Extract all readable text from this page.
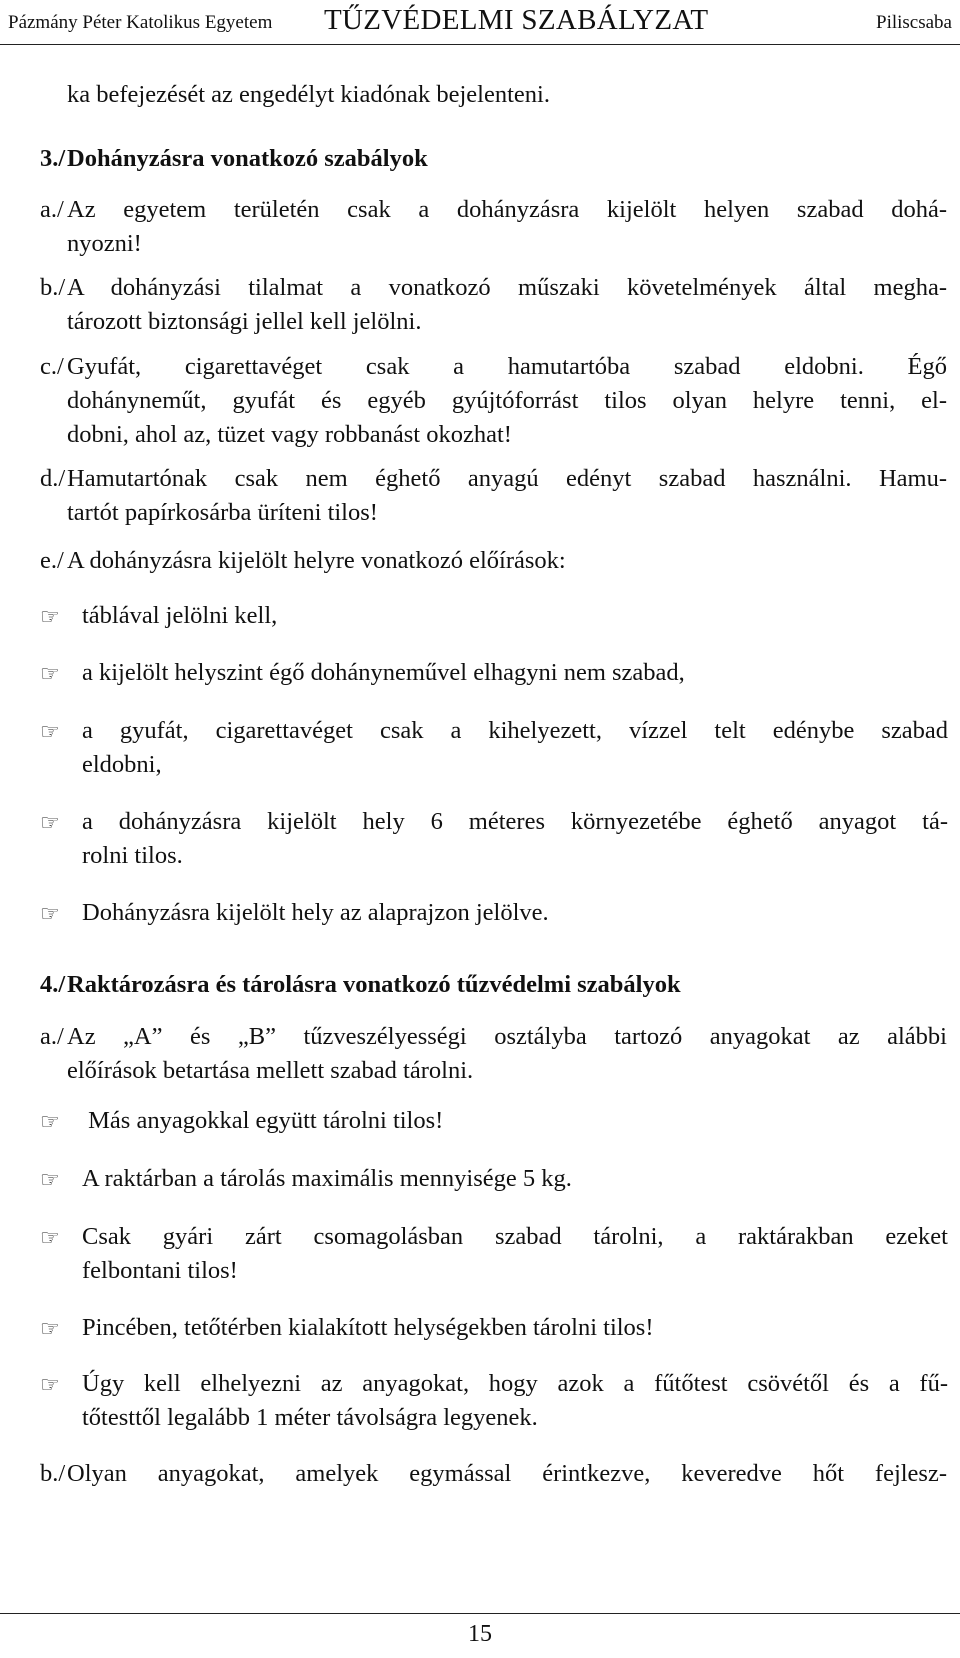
Pázmány Péter Katolikus Egyetem TŰZVÉDELMI SZABÁLYZAT	Piliscsaba
ka befejezését az engedélyt kiadónak bejelenteni.
3./ Dohányzásra vonatkozó szabályok
a./ Az egyetem területén csak a dohányzásra kijelölt helyen szabad dohá-
nyozni!
b./ A dohányzási tilalmat a vonatkozó műszaki követelmények által megha-
tározott biztonsági jellel kell jelölni.
c./ Gyufát, cigarettavéget csak a hamutartóba szabad eldobni. Égő
dohányneműt, gyufát és egyéb gyújtóforrást tilos olyan helyre tenni, el-
dobni, ahol az, tüzet vagy robbanást okozhat!
d./ Hamutartónak csak nem éghető anyagú edényt szabad használni. Hamu-
tartót papírkosárba üríteni tilos!
e./ A dohányzásra kijelölt helyre vonatkozó előírások:
☞ táblával jelölni kell,
☞ a kijelölt helyszint égő dohányneművel elhagyni nem szabad,
☞ a gyufát, cigarettavéget csak a kihelyezett, vízzel telt edénybe szabad
eldobni,
☞ a dohányzásra kijelölt hely 6 méteres környezetébe éghető anyagot tá-
rolni tilos.
☞ Dohányzásra kijelölt hely az alaprajzon jelölve.
4./ Raktározásra és tárolásra vonatkozó tűzvédelmi szabályok
a./ Az „A” és „B” tűzveszélyességi osztályba tartozó anyagokat az alábbi
előírások betartása mellett szabad tárolni.
☞ Más anyagokkal együtt tárolni tilos!
☞ A raktárban a tárolás maximális mennyisége 5 kg.
☞ Csak gyári zárt csomagolásban szabad tárolni, a raktárakban ezeket
felbontani tilos!
☞ Pincében, tetőtérben kialakított helységekben tárolni tilos!
☞ Úgy kell elhelyezni az anyagokat, hogy azok a fűtőtest csövétől és a fű-
tőtesttől legalább 1 méter távolságra legyenek.
b./ Olyan anyagokat, amelyek egymással érintkezve, keveredve hőt fejlesz-
15
